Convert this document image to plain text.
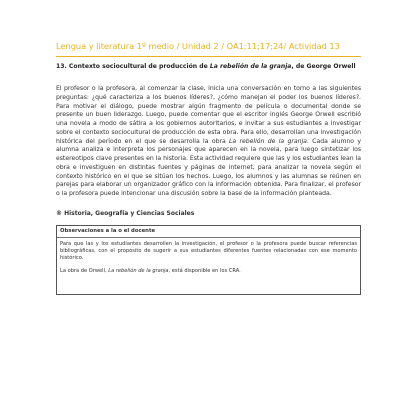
Lengua y literatura 1º medio / Unidad 2 / OA1;11;17;24/ Actividad 13
13. Contexto sociocultural de producción de La rebelión de la granja, de George Orwell
El profesor o la profesora, al comenzar la clase, inicia una conversación en torno a las siguientes preguntas: ¿qué caracteriza a los buenos líderes?, ¿cómo manejan el poder los buenos líderes?. Para motivar el diálogo, puede mostrar algún fragmento de película o documental donde se presente un buen liderazgo. Luego, puede comentar que el escritor inglés George Orwell escribió una novela a modo de sátira a los gobiernos autoritarios, e invitar a sus estudiantes a investigar sobre el contexto sociocultural de producción de esta obra. Para ello, desarrollan una investigación histórica del período en el que se desarrolla la obra La rebelión de la granja. Cada alumno y alumna analiza e interpreta los personajes que aparecen en la novela, para luego sintetizar los estereotipos clave presentes en la historia. Esta actividad requiere que las y los estudiantes lean la obra e investiguen en distintas fuentes y páginas de internet, para analizar la novela según el contexto histórico en el que se sitúan los hechos. Luego, los alumnos y las alumnas se reúnen en parejas para elaborar un organizador gráfico con la información obtenida. Para finalizar, el profesor o la profesora puede intencionar una discusión sobre la base de la información planteada.
® Historia, Geografía y Ciencias Sociales
Observaciones a la o el docente
Para que las y los estudiantes desarrollen la investigación, el profesor o la profesora puede buscar referencias bibliográficas, con el propósito de sugerir a sus estudiantes diferentes fuentes relacionadas con ese momento histórico.
La obra de Orwell, La rebelión de la granja, está disponible en los CRA.
